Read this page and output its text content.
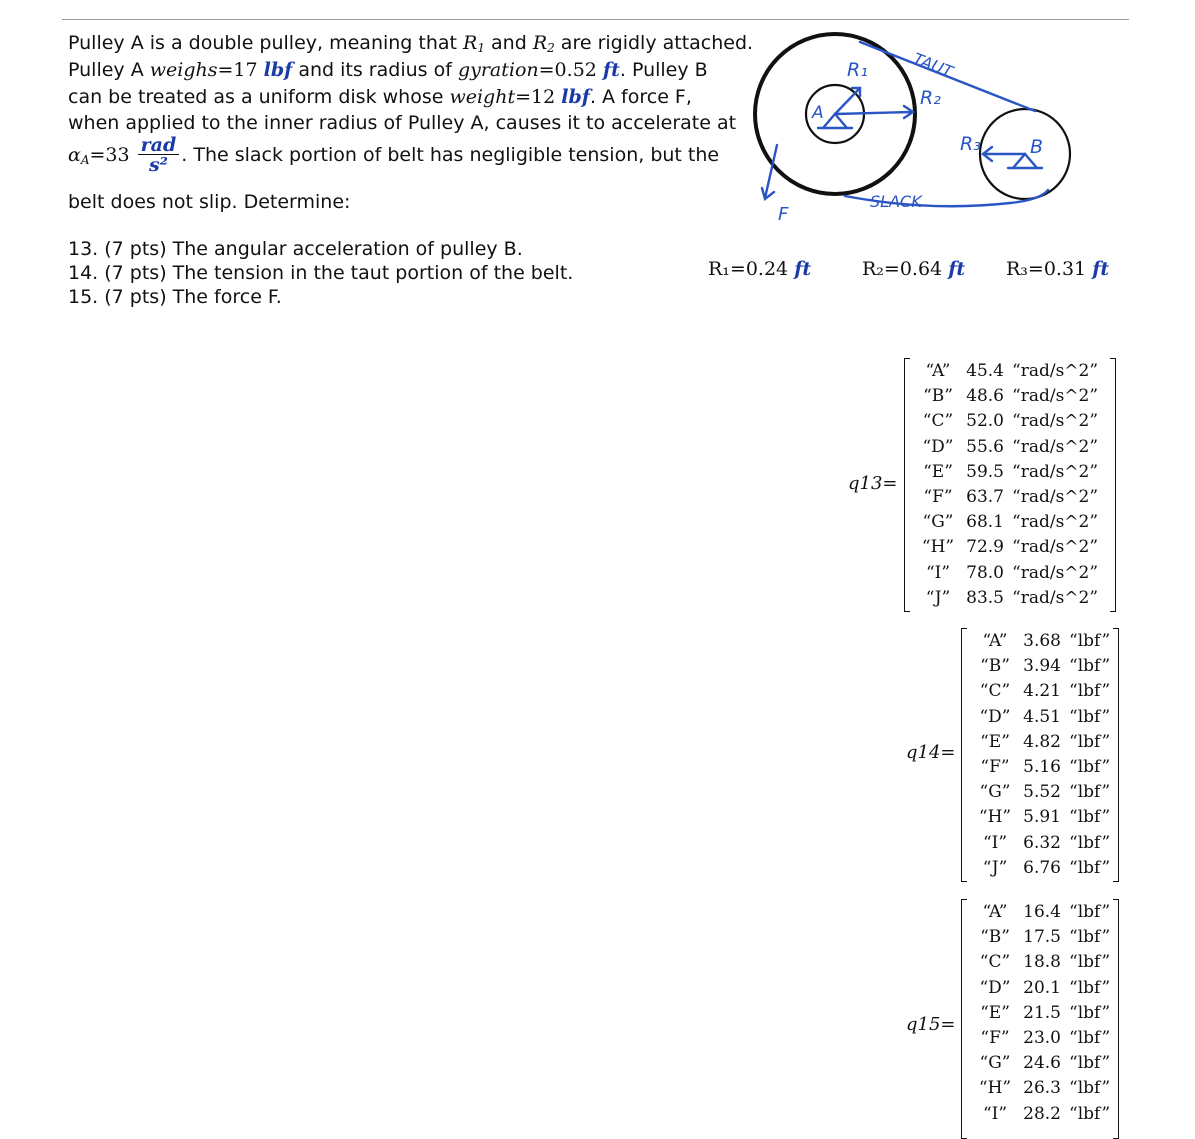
Pulley A is a double pulley, meaning that $R_1$ and $R_2$ are rigidly attached.
Pulley A weighs=17 lbf and its radius of gyration=0.52 ft. Pulley B
can be treated as a uniform disk whose weight=12 lbf. A force F,
when applied to the inner radius of Pulley A, causes it to accelerate at
$\alpha_A=33 \frac{\text{rad}}{\text{s²}}$ . The slack portion of belt has negligible tension, but the
belt does not slip. Determine:
13. (7 pts) The angular acceleration of pulley B.
14. (7 pts) The tension in the taut portion of the belt.
15. (7 pts) The force F.
R₁
R₂
R₃
A
B
TAUT
SLACK
F
R₁=0.24 ft	R₂=0.64 ft R₃=0.31 ft
q13=
“A” 45.4 “rad/s^2”
“B” 48.6 “rad/s^2”
“C” 52.0 “rad/s^2”
“D” 55.6 “rad/s^2”
“E” 59.5 “rad/s^2”
“F” 63.7 “rad/s^2”
“G” 68.1 “rad/s^2”
“H” 72.9 “rad/s^2”
“I” 78.0 “rad/s^2”
“J” 83.5 “rad/s^2”
q14=
“A” 3.68 “lbf”
“B” 3.94 “lbf”
“C” 4.21 “lbf”
“D” 4.51 “lbf”
“E” 4.82 “lbf”
“F” 5.16 “lbf”
“G” 5.52 “lbf”
“H” 5.91 “lbf”
“I” 6.32 “lbf”
“J” 6.76 “lbf”
q15=
“A” 16.4 “lbf”
“B” 17.5 “lbf”
“C” 18.8 “lbf”
“D” 20.1 “lbf”
“E” 21.5 “lbf”
“F” 23.0 “lbf”
“G” 24.6 “lbf”
“H” 26.3 “lbf”
“I” 28.2 “lbf”
